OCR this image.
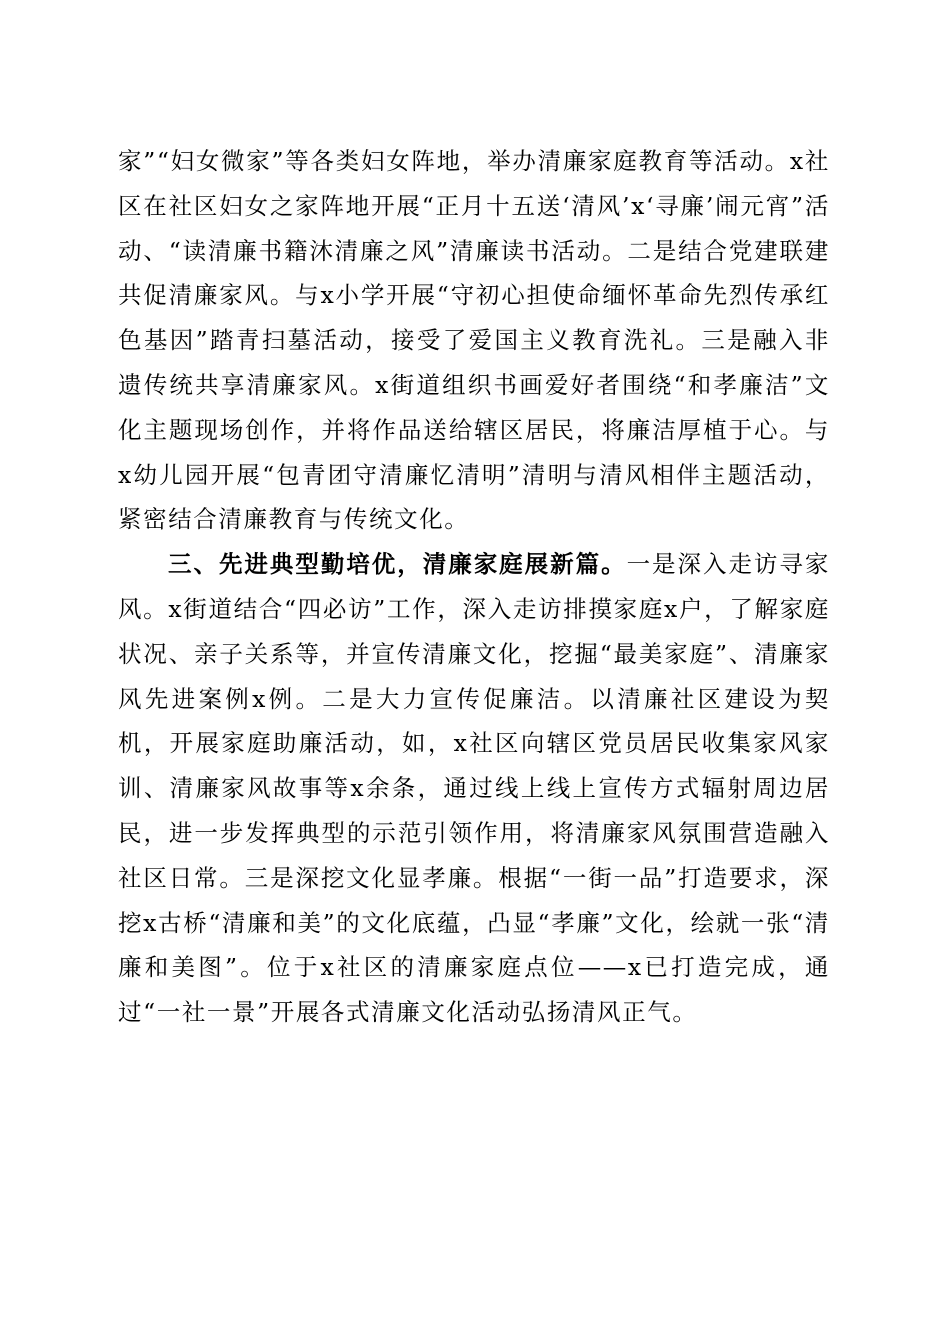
家”“妇女微家”等各类妇女阵地，举办清廉家庭教育等活动。x社区在社区妇女之家阵地开展“正月十五送‘清风’x‘寻廉’闹元宵”活动、“读清廉书籍沐清廉之风”清廉读书活动。二是结合党建联建共促清廉家风。与x小学开展“守初心担使命缅怀革命先烈传承红色基因”踏青扫墓活动，接受了爱国主义教育洗礼。三是融入非遗传统共享清廉家风。x街道组织书画爱好者围绕“和孝廉洁”文化主题现场创作，并将作品送给辖区居民，将廉洁厚植于心。与x幼儿园开展“包青团守清廉忆清明”清明与清风相伴主题活动，紧密结合清廉教育与传统文化。

三、先进典型勤培优，清廉家庭展新篇。一是深入走访寻家风。x街道结合“四必访”工作，深入走访排摸家庭x户，了解家庭状况、亲子关系等，并宣传清廉文化，挖掘“最美家庭”、清廉家风先进案例x例。二是大力宣传促廉洁。以清廉社区建设为契机，开展家庭助廉活动，如，x社区向辖区党员居民收集家风家训、清廉家风故事等x余条，通过线上线上宣传方式辐射周边居民，进一步发挥典型的示范引领作用，将清廉家风氛围营造融入社区日常。三是深挖文化显孝廉。根据“一街一品”打造要求，深挖x古桥“清廉和美”的文化底蕴，凸显“孝廉”文化，绘就一张“清廉和美图”。位于x社区的清廉家庭点位——x已打造完成，通过“一社一景”开展各式清廉文化活动弘扬清风正气。
